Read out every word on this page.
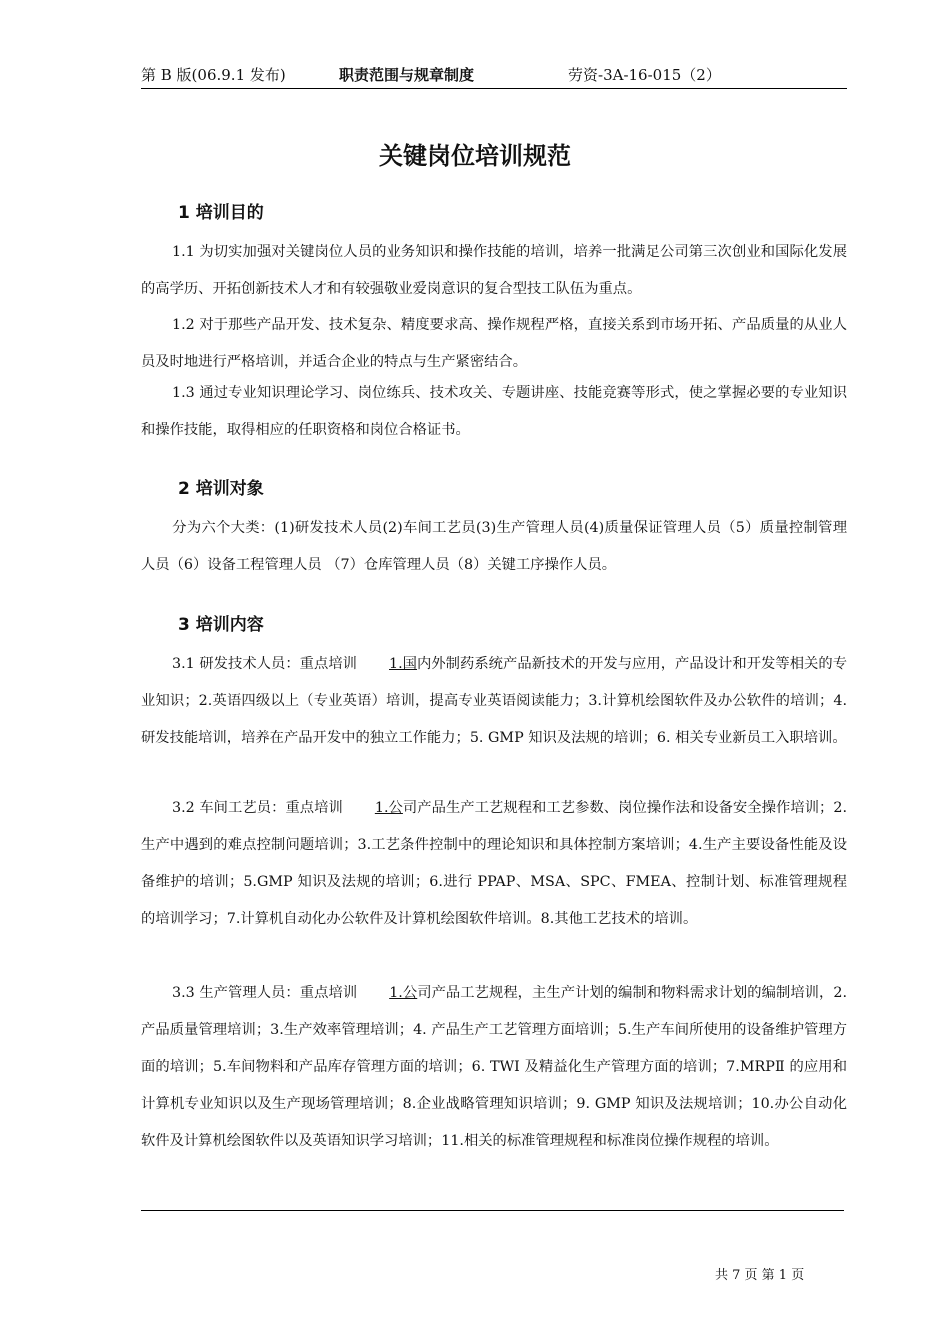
第 B 版(06.9.1 发布)	职责范围与规章制度	劳资-3A-16-015（2）
关键岗位培训规范
1 培训目的

1.1 为切实加强对关键岗位人员的业务知识和操作技能的培训，培养一批满足公司第三次创业和国际化发展的高学历、开拓创新技术人才和有较强敬业爱岗意识的复合型技工队伍为重点。

1.2 对于那些产品开发、技术复杂、精度要求高、操作规程严格，直接关系到市场开拓、产品质量的从业人员及时地进行严格培训，并适合企业的特点与生产紧密结合。

1.3 通过专业知识理论学习、岗位练兵、技术攻关、专题讲座、技能竞赛等形式，使之掌握必要的专业知识和操作技能，取得相应的任职资格和岗位合格证书。

2 培训对象

分为六个大类：(1)研发技术人员(2)车间工艺员(3)生产管理人员(4)质量保证管理人员（5）质量控制管理人员（6）设备工程管理人员 （7）仓库管理人员（8）关键工序操作人员。

3 培训内容

3.1 研发技术人员：重点培训 1.国内外制药系统产品新技术的开发与应用，产品设计和开发等相关的专业知识；2.英语四级以上（专业英语）培训，提高专业英语阅读能力；3.计算机绘图软件及办公软件的培训；4.研发技能培训，培养在产品开发中的独立工作能力；5. GMP 知识及法规的培训；6. 相关专业新员工入职培训。

3.2 车间工艺员：重点培训 1.公司产品生产工艺规程和工艺参数、岗位操作法和设备安全操作培训；2.生产中遇到的难点控制问题培训；3.工艺条件控制中的理论知识和具体控制方案培训；4.生产主要设备性能及设备维护的培训；5.GMP 知识及法规的培训；6.进行 PPAP、MSA、SPC、FMEA、控制计划、标准管理规程的培训学习；7.计算机自动化办公软件及计算机绘图软件培训。8.其他工艺技术的培训。

3.3 生产管理人员：重点培训 1.公司产品工艺规程，主生产计划的编制和物料需求计划的编制培训，2.产品质量管理培训；3.生产效率管理培训；4. 产品生产工艺管理方面培训；5.生产车间所使用的设备维护管理方面的培训；5.车间物料和产品库存管理方面的培训；6. TWI 及精益化生产管理方面的培训；7.MRPⅡ 的应用和计算机专业知识以及生产现场管理培训；8.企业战略管理知识培训；9. GMP 知识及法规培训；10.办公自动化软件及计算机绘图软件以及英语知识学习培训；11.相关的标准管理规程和标准岗位操作规程的培训。

共 7 页 第 1 页
